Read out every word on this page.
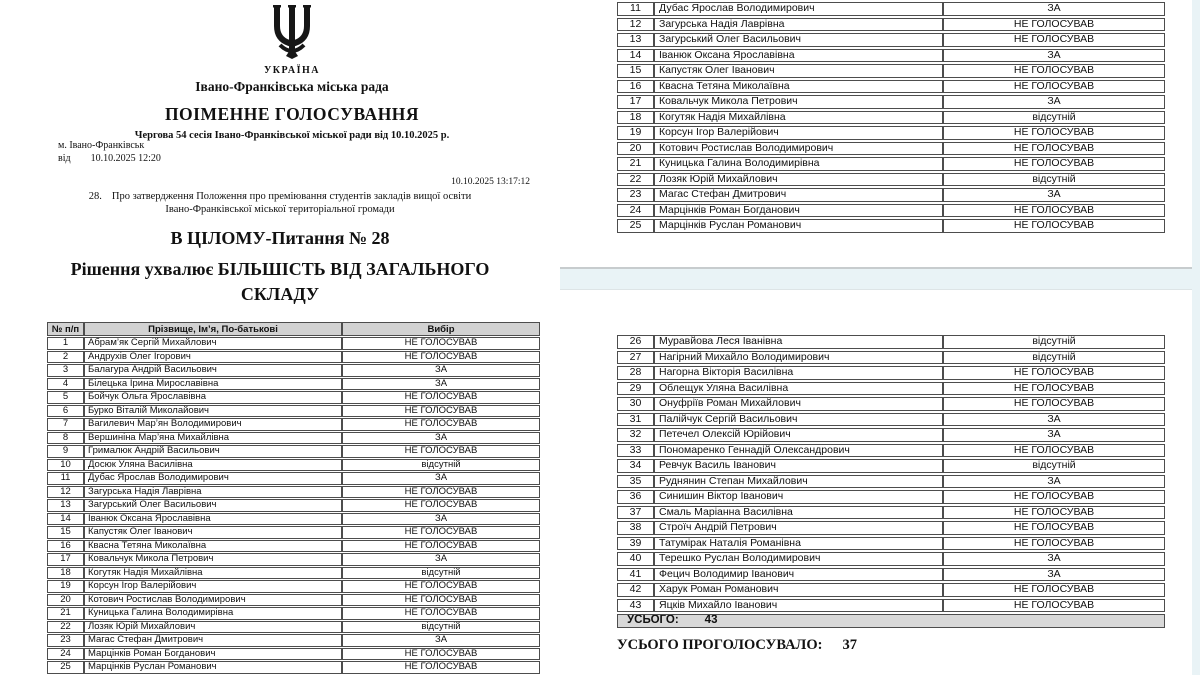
УКРАЇНА
Івано-Франківська міська рада
ПОІМЕННЕ ГОЛОСУВАННЯ
Чергова 54 сесія Івано-Франківської міської ради від 10.10.2025 р.
м. Івано-Франківськ
від 10.10.2025 12:20
10.10.2025 13:17:12
28. Про затвердження Положення про преміювання студентів закладів вищої освіти
Івано-Франківської міської територіальної громади
В ЦІЛОМУ-Питання № 28
Рішення ухвалює БІЛЬШІСТЬ ВІД ЗАГАЛЬНОГО
СКЛАДУ
№ п/п	Прізвище, Ім’я, По-батькові	Вибір
1	Абрам’як Сергій Михайлович	НЕ ГОЛОСУВАВ
2	Андрухів Олег Ігорович	НЕ ГОЛОСУВАВ
3	Балагура Андрій Васильович	ЗА
4	Білецька Ірина Мирославівна	ЗА
5	Бойчук Ольга Ярославівна	НЕ ГОЛОСУВАВ
6	Бурко Віталій Миколайович	НЕ ГОЛОСУВАВ
7	Вагилевич Мар’ян Володимирович	НЕ ГОЛОСУВАВ
8	Вершиніна Мар’яна Михайлівна	ЗА
9	Грималюк Андрій Васильович	НЕ ГОЛОСУВАВ
10	Досюк Уляна Василівна	відсутній
11	Дубас Ярослав Володимирович	ЗА
12	Загурська Надія Лаврівна	НЕ ГОЛОСУВАВ
13	Загурський Олег Васильович	НЕ ГОЛОСУВАВ
14	Іванюк Оксана Ярославівна	ЗА
15	Капустяк Олег Іванович	НЕ ГОЛОСУВАВ
16	Квасна Тетяна Миколаївна	НЕ ГОЛОСУВАВ
17	Ковальчук Микола Петрович	ЗА
18	Когутяк Надія Михайлівна	відсутній
19	Корсун Ігор Валерійович	НЕ ГОЛОСУВАВ
20	Котович Ростислав Володимирович	НЕ ГОЛОСУВАВ
21	Куницька Галина Володимирівна	НЕ ГОЛОСУВАВ
22	Лозяк Юрій Михайлович	відсутній
23	Магас Стефан Дмитрович	ЗА
24	Марцінків Роман Богданович	НЕ ГОЛОСУВАВ
25	Марцінків Руслан Романович	НЕ ГОЛОСУВАВ
11	Дубас Ярослав Володимирович	ЗА
12	Загурська Надія Лаврівна	НЕ ГОЛОСУВАВ
13	Загурський Олег Васильович	НЕ ГОЛОСУВАВ
14	Іванюк Оксана Ярославівна	ЗА
15	Капустяк Олег Іванович	НЕ ГОЛОСУВАВ
16	Квасна Тетяна Миколаївна	НЕ ГОЛОСУВАВ
17	Ковальчук Микола Петрович	ЗА
18	Когутяк Надія Михайлівна	відсутній
19	Корсун Ігор Валерійович	НЕ ГОЛОСУВАВ
20	Котович Ростислав Володимирович	НЕ ГОЛОСУВАВ
21	Куницька Галина Володимирівна	НЕ ГОЛОСУВАВ
22	Лозяк Юрій Михайлович	відсутній
23	Магас Стефан Дмитрович	ЗА
24	Марцінків Роман Богданович	НЕ ГОЛОСУВАВ
25	Марцінків Руслан Романович	НЕ ГОЛОСУВАВ
26	Муравйова Леся Іванівна	відсутній
27	Нагірний Михайло Володимирович	відсутній
28	Нагорна Вікторія Василівна	НЕ ГОЛОСУВАВ
29	Облещук Уляна Василівна	НЕ ГОЛОСУВАВ
30	Онуфріїв Роман Михайлович	НЕ ГОЛОСУВАВ
31	Палійчук Сергій Васильович	ЗА
32	Петечел Олексій Юрійович	ЗА
33	Пономаренко Геннадій Олександрович	НЕ ГОЛОСУВАВ
34	Ревчук Василь Іванович	відсутній
35	Руднянин Степан Михайлович	ЗА
36	Синишин Віктор Іванович	НЕ ГОЛОСУВАВ
37	Смаль Маріанна Василівна	НЕ ГОЛОСУВАВ
38	Строїч Андрій Петрович	НЕ ГОЛОСУВАВ
39	Татумірак Наталія Романівна	НЕ ГОЛОСУВАВ
40	Терешко Руслан Володимирович	ЗА
41	Фецич Володимир Іванович	ЗА
42	Харук Роман Романович	НЕ ГОЛОСУВАВ
43	Яцків Михайло Іванович	НЕ ГОЛОСУВАВ
УСЬОГО: 43		
УСЬОГО ПРОГОЛОСУВАЛО: 37
